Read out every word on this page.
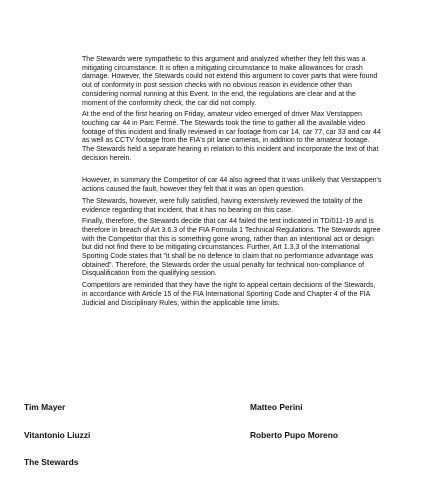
The Stewards were sympathetic to this argument and analyzed whether they felt this was a mitigating circumstance. It is often a mitigating circumstance to make allowances for crash damage. However, the Stewards could not extend this argument to cover parts that were found out of conformity in post session checks with no obvious reason in evidence other than considering normal running at this Event. In the end, the regulations are clear and at the moment of the conformity check, the car did not comply.

At the end of the first hearing on Friday, amateur video emerged of driver Max Verstappen touching car 44 in Parc Fermé. The Stewards took the time to gather all the available video footage of this incident and finally reviewed in car footage from car 14, car 77, car 33 and car 44 as well as CCTV footage from the FIA's pit lane cameras, in addition to the amateur footage. The Stewards held a separate hearing in relation to this incident and incorporate the text of that decision herein.

However, in summary the Competitor of car 44 also agreed that it was unlikely that Verstappen's actions caused the fault, however they felt that it was an open question.

The Stewards, however, were fully satisfied, having extensively reviewed the totality of the evidence regarding that incident, that it has no bearing on this case.

Finally, therefore, the Stewards decide that car 44 failed the test indicated in TD/011-19 and is therefore in breach of Art 3.6.3 of the FIA Formula 1 Technical Regulations. The Stewards agree with the Competitor that this is something gone wrong, rather than an intentional act or design but did not find there to be mitigating circumstances. Further, Art 1.3.3 of the International Sporting Code states that "it shall be no defence to claim that no performance advantage was obtained". Therefore, the Stewards order the usual penalty for technical non-compliance of Disqualification from the qualifying session.

Competitors are reminded that they have the right to appeal certain decisions of the Stewards, in accordance with Article 15 of the FIA International Sporting Code and Chapter 4 of the FIA Judicial and Disciplinary Rules, within the applicable time limits.

Tim Mayer	Matteo Perini
Vitantonio Liuzzi	Roberto Pupo Moreno
The Stewards
